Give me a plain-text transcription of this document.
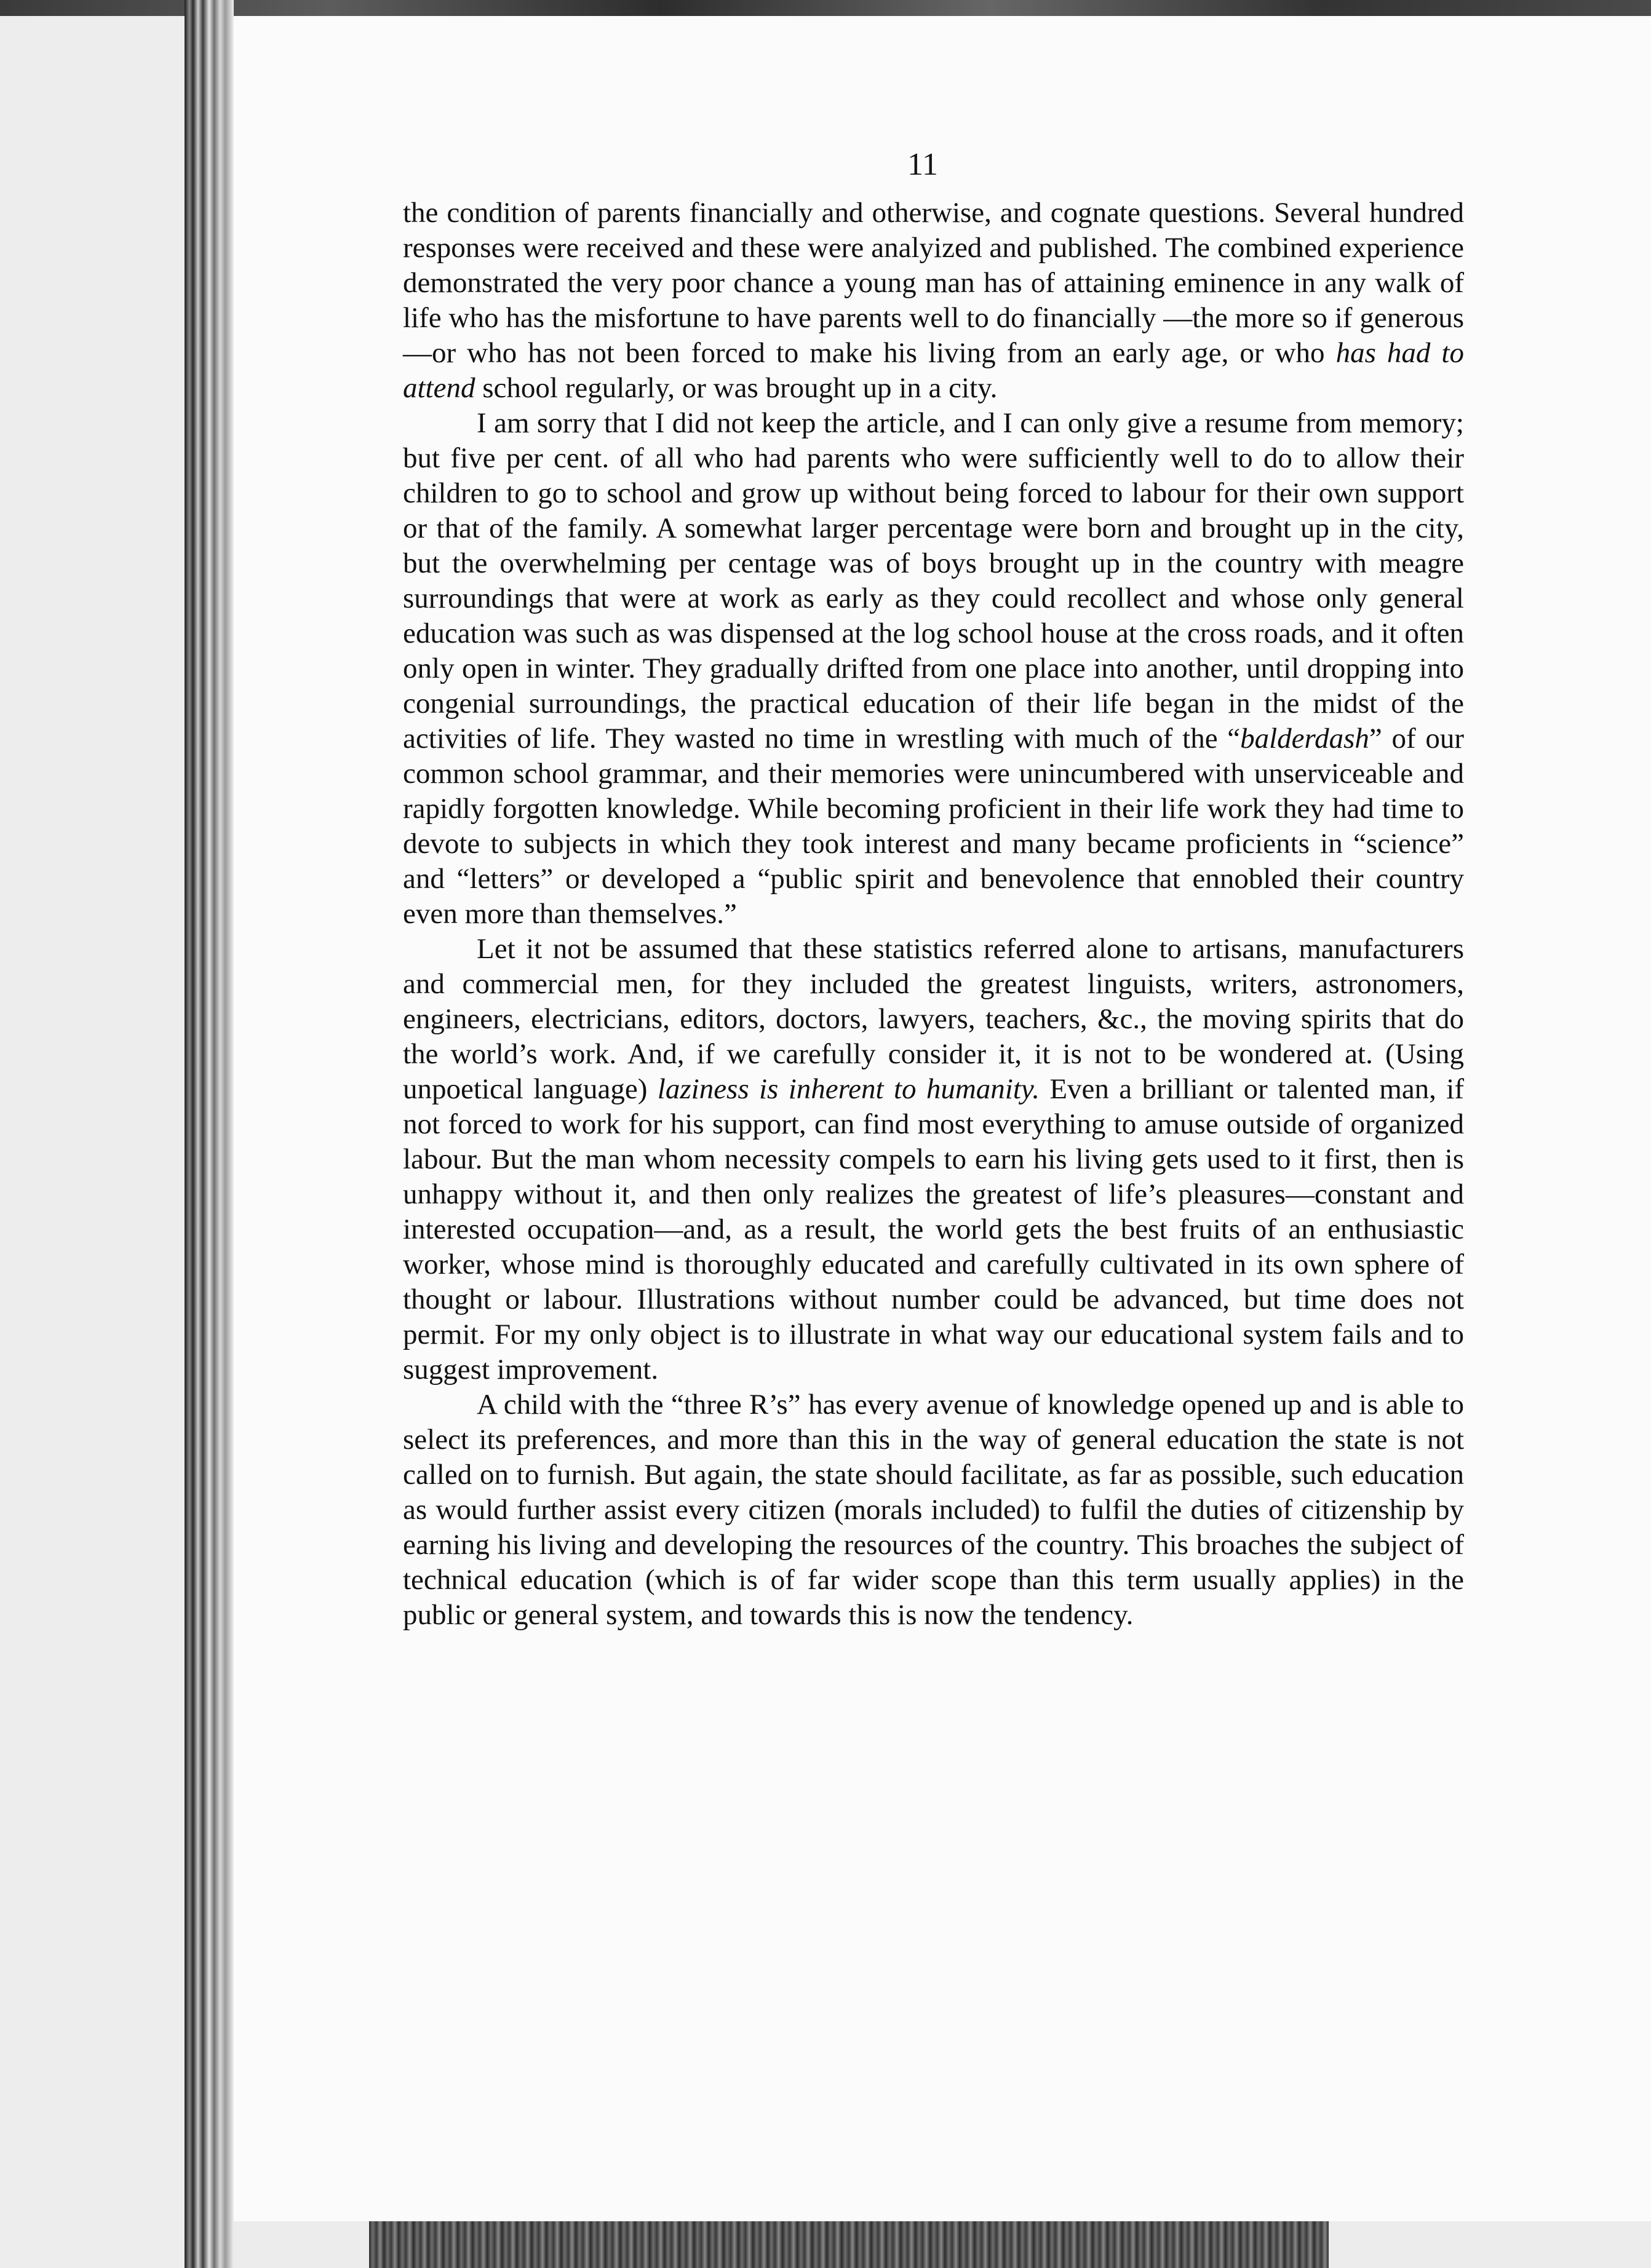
11

the condition of parents financially and otherwise, and cognate questions. Several hundred responses were received and these were analyized and published. The combined experience demonstrated the very poor chance a young man has of attaining eminence in any walk of life who has the misfortune to have parents well to do financially —the more so if generous—or who has not been forced to make his living from an early age, or who has had to attend school regularly, or was brought up in a city.

I am sorry that I did not keep the article, and I can only give a resume from memory; but five per cent. of all who had parents who were sufficiently well to do to allow their children to go to school and grow up without being forced to labour for their own support or that of the family. A somewhat larger percentage were born and brought up in the city, but the overwhelming per centage was of boys brought up in the country with meagre surroundings that were at work as early as they could recollect and whose only general education was such as was dispensed at the log school house at the cross roads, and it often only open in winter. They gradually drifted from one place into another, until dropping into congenial surroundings, the practical education of their life began in the midst of the activities of life. They wasted no time in wrestling with much of the “balderdash” of our common school grammar, and their memories were unincumbered with unserviceable and rapidly forgotten knowledge. While becoming proficient in their life work they had time to devote to subjects in which they took interest and many became proficients in “science” and “letters” or developed a “public spirit and benevolence that ennobled their country even more than themselves.”

Let it not be assumed that these statistics referred alone to artisans, manufacturers and commercial men, for they included the greatest linguists, writers, astronomers, engineers, electricians, editors, doctors, lawyers, teachers, &c., the moving spirits that do the world’s work. And, if we carefully consider it, it is not to be wondered at. (Using unpoetical language) laziness is inherent to humanity. Even a brilliant or talented man, if not forced to work for his support, can find most everything to amuse outside of organized labour. But the man whom necessity compels to earn his living gets used to it first, then is unhappy without it, and then only realizes the greatest of life’s pleasures—constant and interested occupation—and, as a result, the world gets the best fruits of an enthusiastic worker, whose mind is thoroughly educated and carefully cultivated in its own sphere of thought or labour. Illustrations without number could be advanced, but time does not permit. For my only object is to illustrate in what way our educational system fails and to suggest improvement.

A child with the “three R’s” has every avenue of knowledge opened up and is able to select its preferences, and more than this in the way of general education the state is not called on to furnish. But again, the state should facilitate, as far as possible, such education as would further assist every citizen (morals included) to fulfil the duties of citizenship by earning his living and developing the resources of the country. This broaches the subject of technical education (which is of far wider scope than this term usually applies) in the public or general system, and towards this is now the tendency.
